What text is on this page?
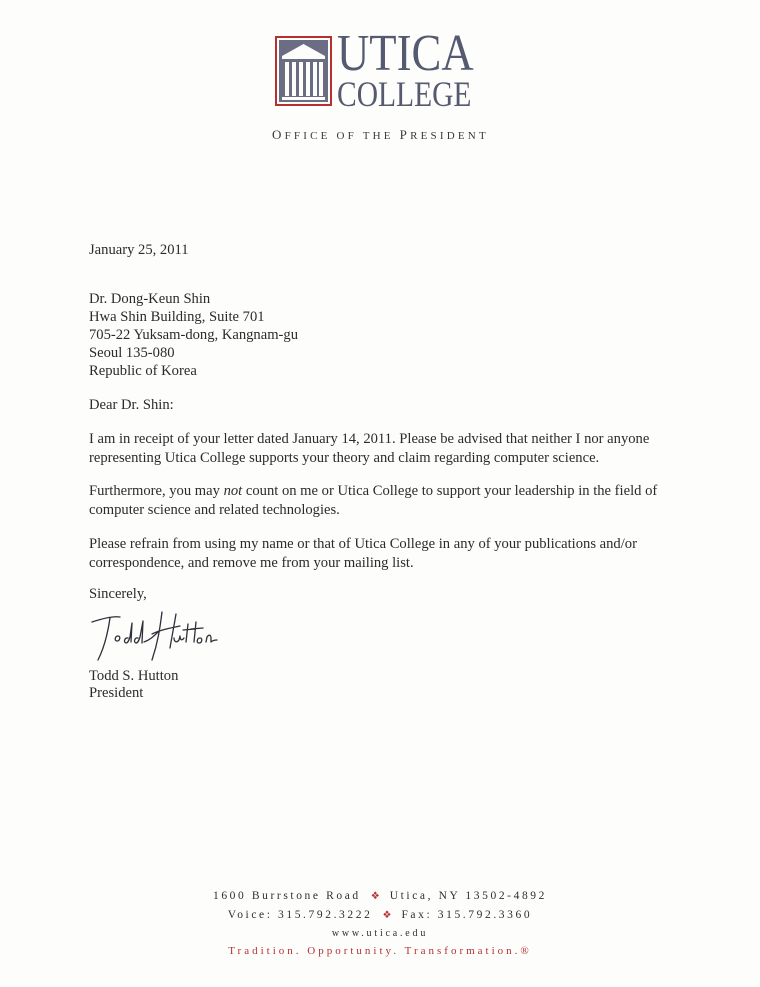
UTICA
COLLEGE
OFFICE OF THE PRESIDENT
January 25, 2011
Dr. Dong-Keun Shin
Hwa Shin Building, Suite 701
705-22 Yuksam-dong, Kangnam-gu
Seoul 135-080
Republic of Korea
Dear Dr. Shin:
I am in receipt of your letter dated January 14, 2011. Please be advised that neither I nor anyone
representing Utica College supports your theory and claim regarding computer science.
Furthermore, you may not count on me or Utica College to support your leadership in the field of
computer science and related technologies.
Please refrain from using my name or that of Utica College in any of your publications and/or
correspondence, and remove me from your mailing list.
Sincerely,
Todd S. Hutton
President
1600 Burrstone Road ❖ Utica, NY 13502-4892
Voice: 315.792.3222 ❖ Fax: 315.792.3360
www.utica.edu
Tradition. Opportunity. Transformation.®
